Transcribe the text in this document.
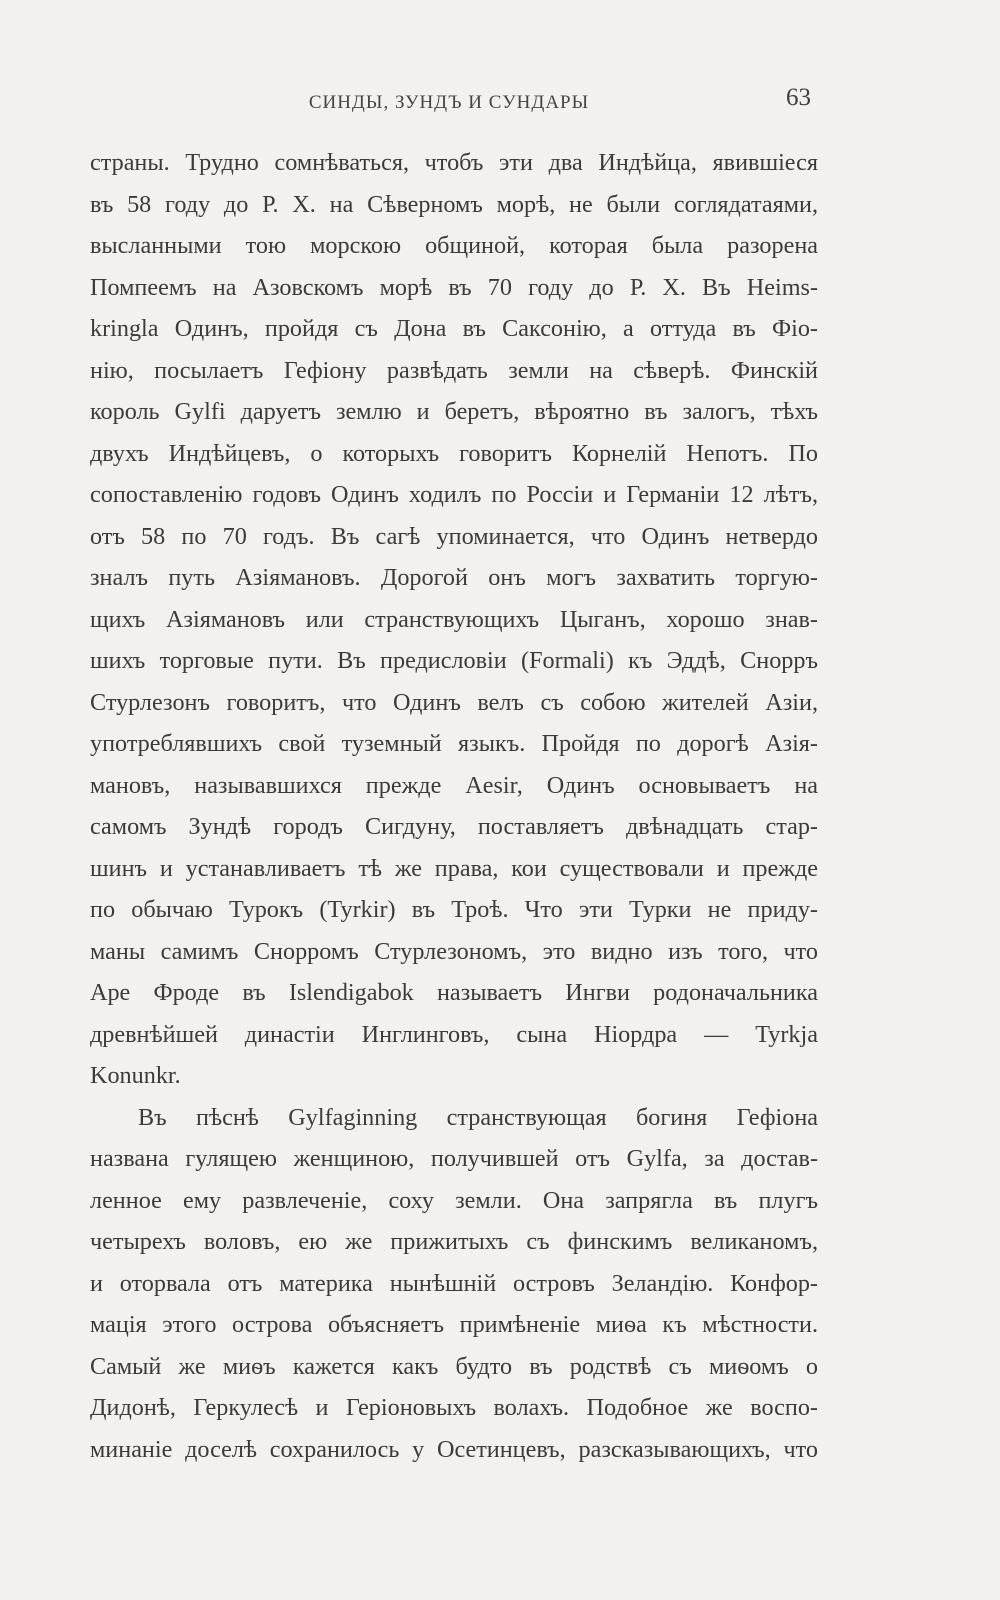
СИНДЫ, ЗУНДЪ И СУНДАРЫ	63
страны. Трудно сомнѣваться, чтобъ эти два Индѣйца, явившіеся
въ 58 году до Р. Х. на Сѣверномъ морѣ, не были соглядатаями,
высланными тою морскою общиной, которая была разорена
Помпеемъ на Азовскомъ морѣ въ 70 году до Р. Х. Въ Heims-
kringla Одинъ, пройдя съ Дона въ Саксонію, а оттуда въ Фіо-
нію, посылаетъ Гефіону развѣдать земли на сѣверѣ. Финскій
король Gylfi даруетъ землю и беретъ, вѣроятно въ залогъ, тѣхъ
двухъ Индѣйцевъ, о которыхъ говоритъ Корнелій Непотъ. По
сопоставленію годовъ Одинъ ходилъ по Россіи и Германіи 12 лѣтъ,
отъ 58 по 70 годъ. Въ сагѣ упоминается, что Одинъ нетвердо
зналъ путь Азіямановъ. Дорогой онъ могъ захватить торгую-
щихъ Азіямановъ или странствующихъ Цыганъ, хорошо знав-
шихъ торговые пути. Въ предисловіи (Formali) къ Эддѣ, Снорръ
Стурлезонъ говоритъ, что Одинъ велъ съ собою жителей Азіи,
употреблявшихъ свой туземный языкъ. Пройдя по дорогѣ Азія-
мановъ, называвшихся прежде Aesir, Одинъ основываетъ на
самомъ Зундѣ городъ Сигдуну, поставляетъ двѣнадцать стар-
шинъ и устанавливаетъ тѣ же права, кои существовали и прежде
по обычаю Турокъ (Tyrkir) въ Троѣ. Что эти Турки не приду-
маны самимъ Снорромъ Стурлезономъ, это видно изъ того, что
Аре Фроде въ Islendigabok называетъ Ингви родоначальника
древнѣйшей династіи Инглинговъ, сына Ніордра — Tyrkja
Konunkr.
Въ пѣснѣ Gylfaginning странствующая богиня Гефіона
названа гулящею женщиною, получившей отъ Gylfa, за достав-
ленное ему развлеченіе, соху земли. Она запрягла въ плугъ
четырехъ воловъ, ею же прижитыхъ съ финскимъ великаномъ,
и оторвала отъ материка нынѣшній островъ Зеландію. Конфор-
мація этого острова объясняетъ примѣненіе миѳа къ мѣстности.
Самый же миѳъ кажется какъ будто въ родствѣ съ миѳомъ о
Дидонѣ, Геркулесѣ и Геріоновыхъ волахъ. Подобное же воспо-
минаніе доселѣ сохранилось у Осетинцевъ, разсказывающихъ, что
